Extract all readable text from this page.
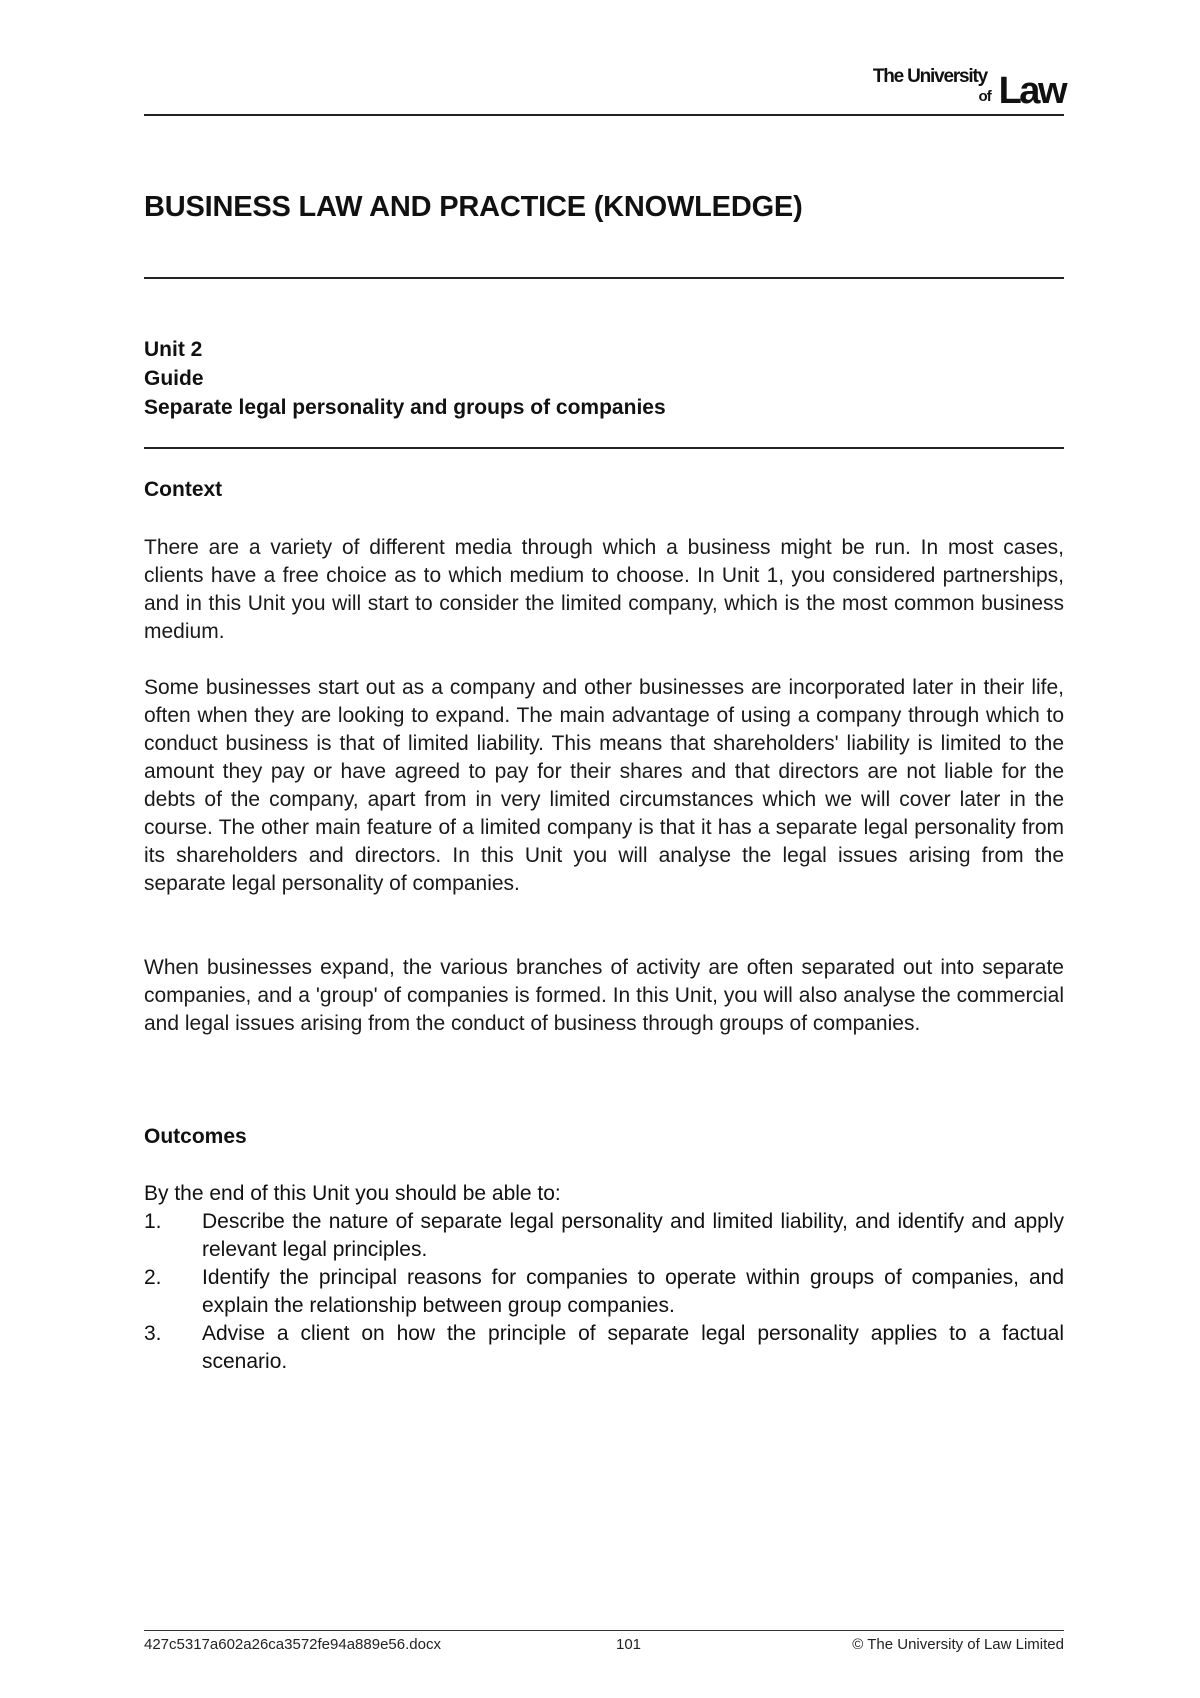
The University
of Law
BUSINESS LAW AND PRACTICE (KNOWLEDGE)
Unit 2
Guide
Separate legal personality and groups of companies
Context

There are a variety of different media through which a business might be run. In most cases, clients have a free choice as to which medium to choose. In Unit 1, you considered partnerships, and in this Unit you will start to consider the limited company, which is the most common business medium.

Some businesses start out as a company and other businesses are incorporated later in their life, often when they are looking to expand. The main advantage of using a company through which to conduct business is that of limited liability. This means that shareholders' liability is limited to the amount they pay or have agreed to pay for their shares and that directors are not liable for the debts of the company, apart from in very limited circumstances which we will cover later in the course. The other main feature of a limited company is that it has a separate legal personality from its shareholders and directors. In this Unit you will analyse the legal issues arising from the separate legal personality of companies.

When businesses expand, the various branches of activity are often separated out into separate companies, and a 'group' of companies is formed. In this Unit, you will also analyse the commercial and legal issues arising from the conduct of business through groups of companies.

Outcomes

By the end of this Unit you should be able to:

1.	Describe the nature of separate legal personality and limited liability, and identify and apply relevant legal principles.
2.	Identify the principal reasons for companies to operate within groups of companies, and explain the relationship between group companies.
3.	Advise a client on how the principle of separate legal personality applies to a factual scenario.
427c5317a602a26ca3572fe94a889e56.docx	101	© The University of Law Limited
